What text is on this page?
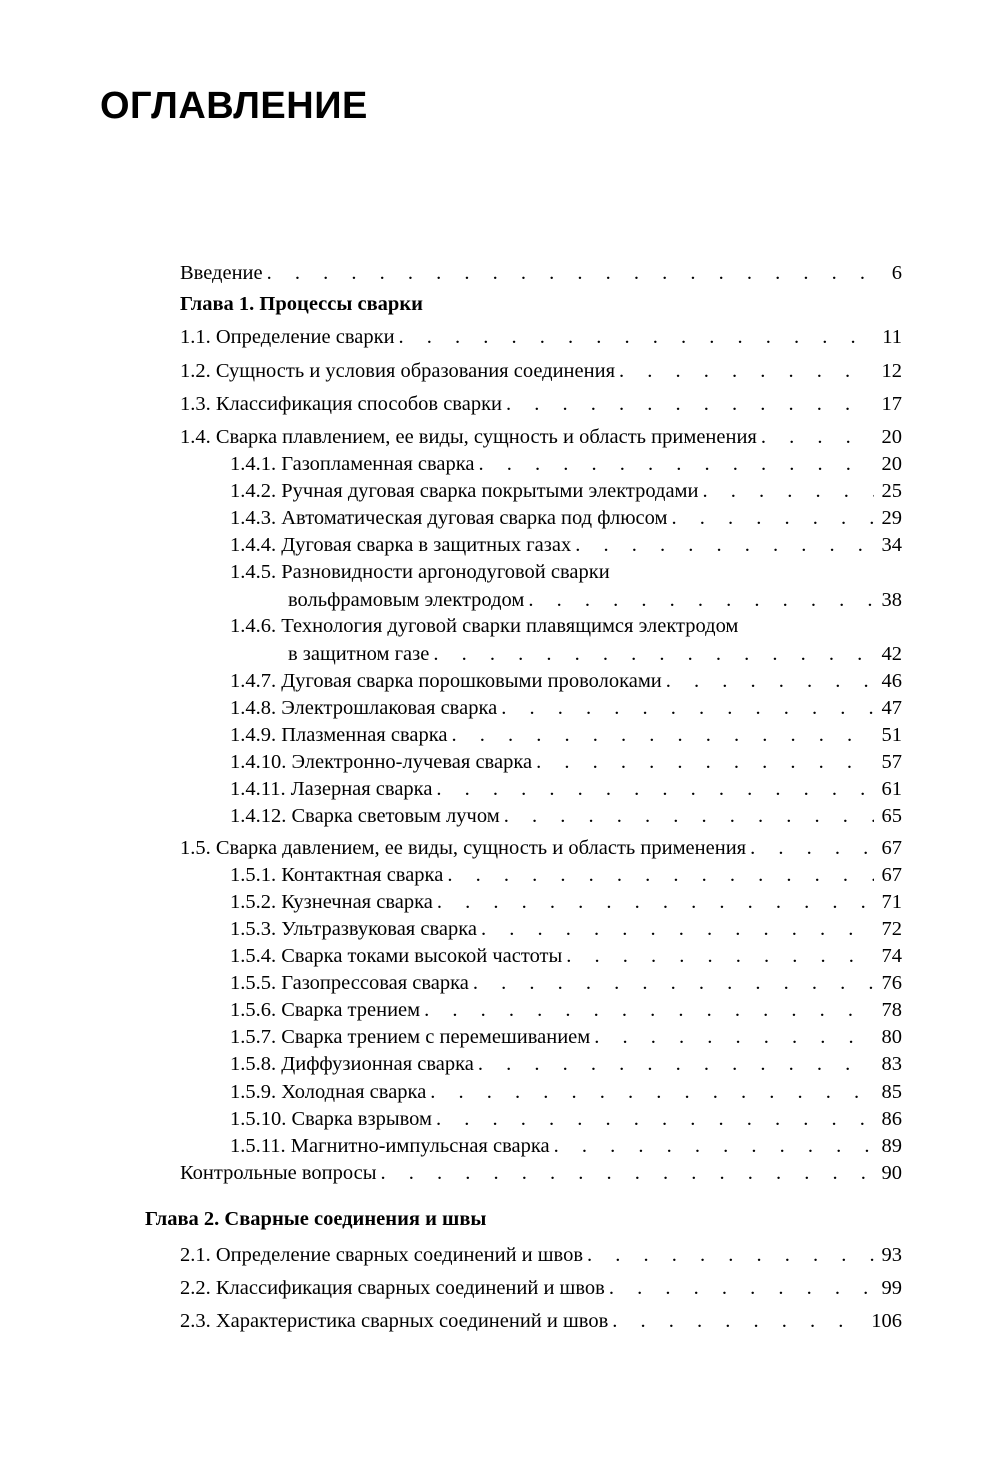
ОГЛАВЛЕНИЕ
Введение . . .	6
Глава 1. Процессы сварки
1.1. Определение сварки . . .	11
1.2. Сущность и условия образования соединения . . .	12
1.3. Классификация способов сварки . . .	17
1.4. Сварка плавлением, ее виды, сущность и область применения . . .	20
1.4.1. Газопламенная сварка . . .	20
1.4.2. Ручная дуговая сварка покрытыми электродами . . .	25
1.4.3. Автоматическая дуговая сварка под флюсом . . .	29
1.4.4. Дуговая сварка в защитных газах . . .	34
1.4.5. Разновидности аргонодуговой сварки
вольфрамовым электродом . . .	38
1.4.6. Технология дуговой сварки плавящимся электродом
в защитном газе . . .	42
1.4.7. Дуговая сварка порошковыми проволоками . . .	46
1.4.8. Электрошлаковая сварка . . .	47
1.4.9. Плазменная сварка . . .	51
1.4.10. Электронно-лучевая сварка . . .	57
1.4.11. Лазерная сварка . . .	61
1.4.12. Сварка световым лучом . . .	65
1.5. Сварка давлением, ее виды, сущность и область применения . . .	67
1.5.1. Контактная сварка . . .	67
1.5.2. Кузнечная сварка . . .	71
1.5.3. Ультразвуковая сварка . . .	72
1.5.4. Сварка токами высокой частоты . . .	74
1.5.5. Газопрессовая сварка . . .	76
1.5.6. Сварка трением . . .	78
1.5.7. Сварка трением с перемешиванием . . .	80
1.5.8. Диффузионная сварка . . .	83
1.5.9. Холодная сварка . . .	85
1.5.10. Сварка взрывом . . .	86
1.5.11. Магнитно-импульсная сварка . . .	89
Контрольные вопросы . . .	90
Глава 2. Сварные соединения и швы
2.1. Определение сварных соединений и швов . . .	93
2.2. Классификация сварных соединений и швов . . .	99
2.3. Характеристика сварных соединений и швов . . .	106
